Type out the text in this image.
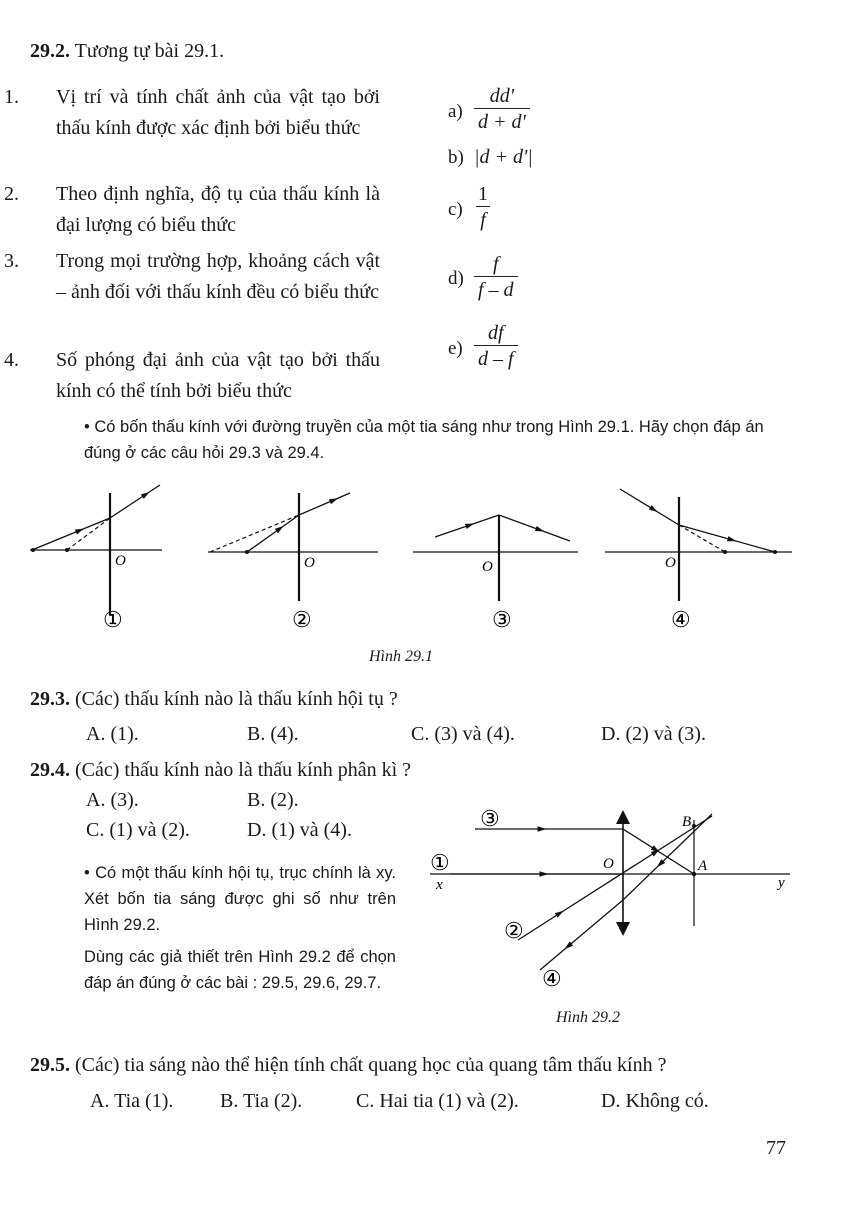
29.2. Tương tự bài 29.1.
1. Vị trí và tính chất ảnh của vật tạo bởi thấu kính được xác định bởi biểu thức
2. Theo định nghĩa, độ tụ của thấu kính là đại lượng có biểu thức
3. Trong mọi trường hợp, khoảng cách vật – ảnh đối với thấu kính đều có biểu thức
4. Số phóng đại ảnh của vật tạo bởi thấu kính có thể tính bởi biểu thức
$a) \frac{dd'}{d + d'}$
b) |d + d'|
$c) \frac{1}{f}$
$d) \frac{f}{f - d}$
$e) \frac{df}{d - f}$
• Có bốn thấu kính với đường truyền của một tia sáng như trong Hình 29.1. Hãy chọn đáp án đúng ở các câu hỏi 29.3 và 29.4.
O
①
O
②
O
③
O
④
Hình 29.1
29.3. (Các) thấu kính nào là thấu kính hội tụ ?
A. (1).	B. (4).	C. (3) và (4).	D. (2) và (3).
29.4. (Các) thấu kính nào là thấu kính phân kì ?
A. (3).	B. (2).
C. (1) và (2).	D. (1) và (4).
• Có một thấu kính hội tụ, trục chính là xy. Xét bốn tia sáng được ghi số như trên Hình 29.2.
Dùng các giả thiết trên Hình 29.2 để chọn đáp án đúng ở các bài : 29.5, 29.6, 29.7.
x	y
O	A
B
③
①
②
④
Hình 29.2
29.5. (Các) tia sáng nào thể hiện tính chất quang học của quang tâm thấu kính ?
A. Tia (1). B. Tia (2).	C. Hai tia (1) và (2).	D. Không có.
77
